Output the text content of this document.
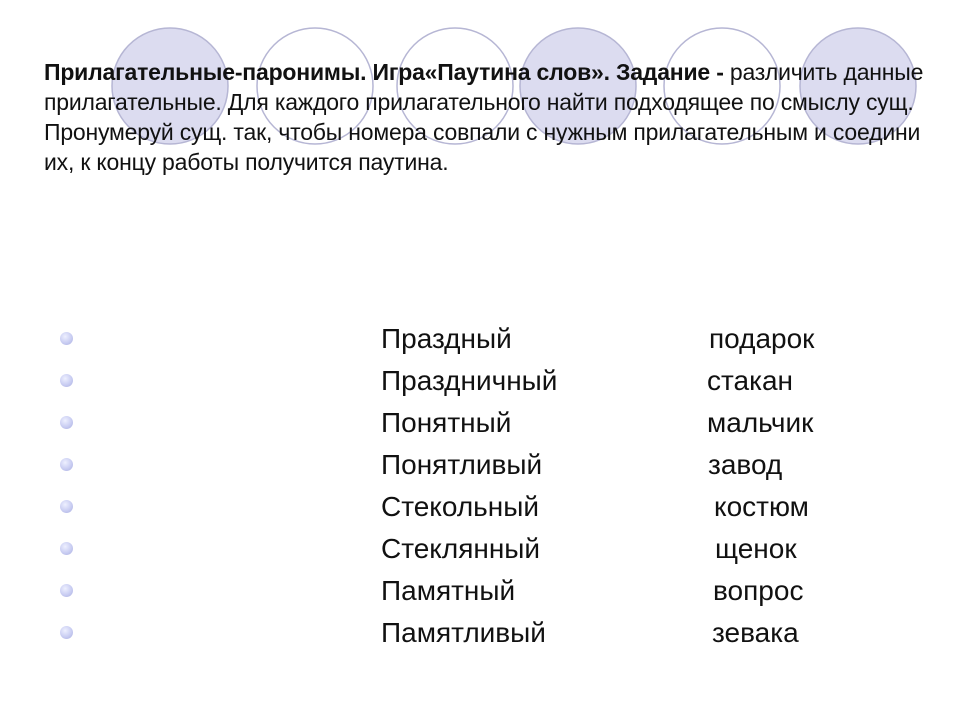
Прилагательные-паронимы. Игра«Паутина слов». Задание - различить данные прилагательные. Для каждого прилагательного найти подходящее по смыслу сущ. Пронумеруй сущ. так, чтобы номера совпали с нужным прилагательным и соедини их, к концу работы получится паутина.
Праздный	подарок
Праздничный	стакан
Понятный	мальчик
Понятливый	завод
Стекольный	костюм
Стеклянный	щенок
Памятный	вопрос
Памятливый	зевака
